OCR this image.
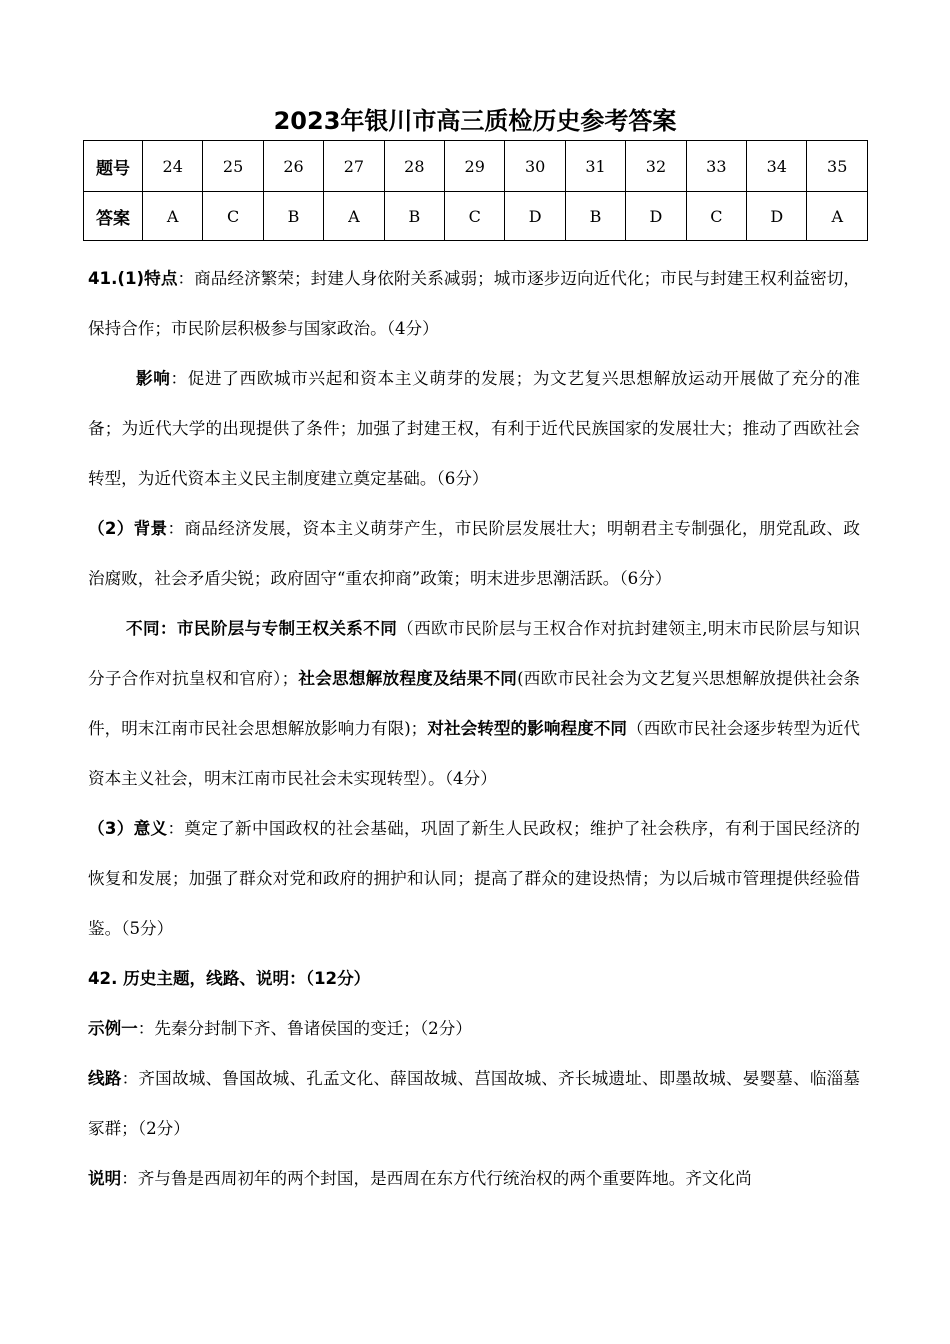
2023年银川市高三质检历史参考答案
题号	24	25	26	27	28	29	30	31	32	33	34	35
答案	A	C	B	A	B	C	D	B	D	C	D	A

41.(1)特点：商品经济繁荣；封建人身依附关系减弱；城市逐步迈向近代化；市民与封建王权利益密切，保持合作；市民阶层积极参与国家政治。（4分）

影响：促进了西欧城市兴起和资本主义萌芽的发展；为文艺复兴思想解放运动开展做了充分的准备；为近代大学的出现提供了条件；加强了封建王权，有利于近代民族国家的发展壮大；推动了西欧社会转型，为近代资本主义民主制度建立奠定基础。（6分）

（2）背景：商品经济发展，资本主义萌芽产生，市民阶层发展壮大；明朝君主专制强化，朋党乱政、政治腐败，社会矛盾尖锐；政府固守“重农抑商”政策；明末进步思潮活跃。（6分）

不同：市民阶层与专制王权关系不同（西欧市民阶层与王权合作对抗封建领主,明末市民阶层与知识分子合作对抗皇权和官府）；社会思想解放程度及结果不同(西欧市民社会为文艺复兴思想解放提供社会条件，明末江南市民社会思想解放影响力有限)；对社会转型的影响程度不同（西欧市民社会逐步转型为近代资本主义社会，明末江南市民社会未实现转型）。（4分）

（3）意义：奠定了新中国政权的社会基础，巩固了新生人民政权；维护了社会秩序，有利于国民经济的恢复和发展；加强了群众对党和政府的拥护和认同；提高了群众的建设热情；为以后城市管理提供经验借鉴。（5分）

42. 历史主题，线路、说明：（12分）

示例一：先秦分封制下齐、鲁诸侯国的变迁；（2分）

线路：齐国故城、鲁国故城、孔孟文化、薛国故城、莒国故城、齐长城遗址、即墨故城、晏婴墓、临淄墓冢群；（2分）

说明：齐与鲁是西周初年的两个封国，是西周在东方代行统治权的两个重要阵地。齐文化尚
